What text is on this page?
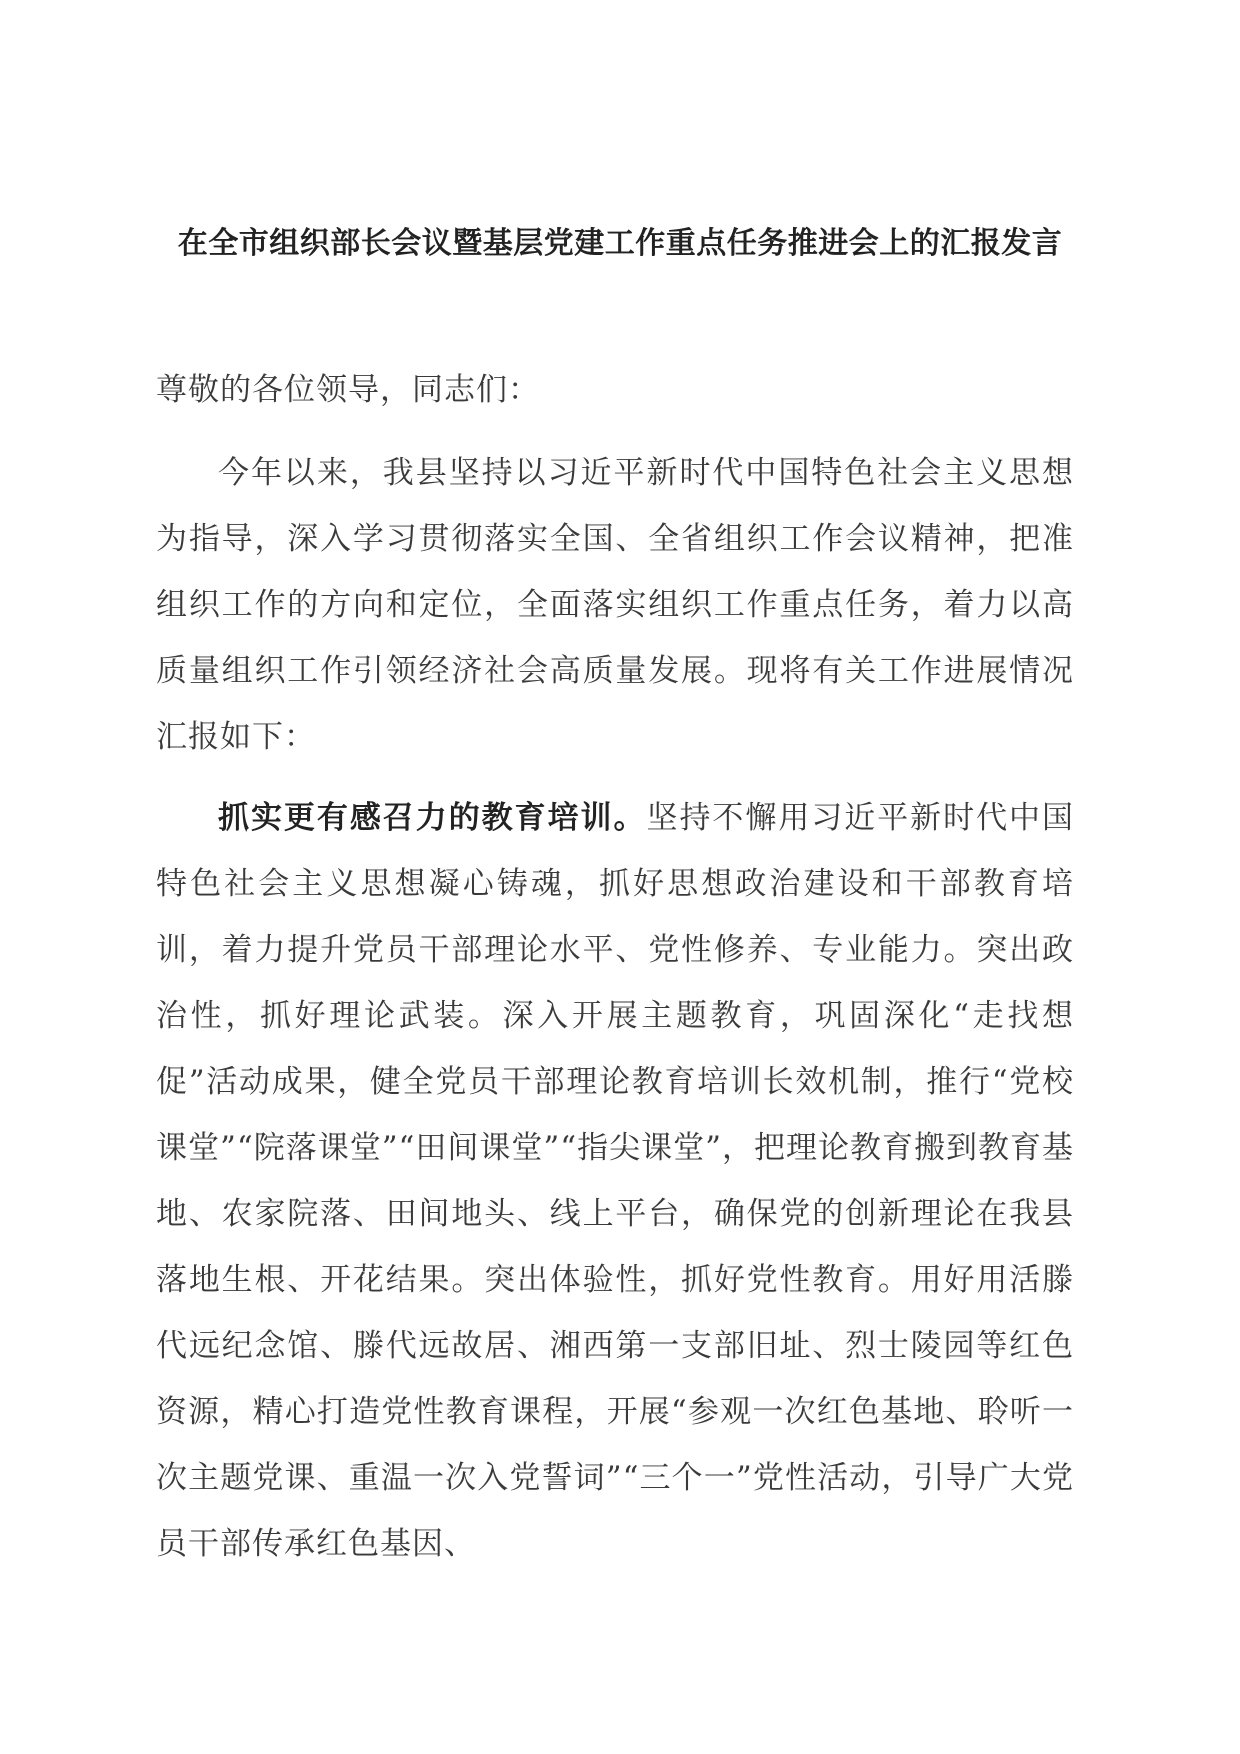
在全市组织部长会议暨基层党建工作重点任务推进会上的汇报发言
尊敬的各位领导，同志们：

今年以来，我县坚持以习近平新时代中国特色社会主义思想为指导，深入学习贯彻落实全国、全省组织工作会议精神，把准组织工作的方向和定位，全面落实组织工作重点任务，着力以高质量组织工作引领经济社会高质量发展。现将有关工作进展情况汇报如下：

抓实更有感召力的教育培训。坚持不懈用习近平新时代中国特色社会主义思想凝心铸魂，抓好思想政治建设和干部教育培训，着力提升党员干部理论水平、党性修养、专业能力。突出政治性，抓好理论武装。深入开展主题教育，巩固深化“走找想促”活动成果，健全党员干部理论教育培训长效机制，推行“党校课堂”“院落课堂”“田间课堂”“指尖课堂”，把理论教育搬到教育基地、农家院落、田间地头、线上平台，确保党的创新理论在我县落地生根、开花结果。突出体验性，抓好党性教育。用好用活滕代远纪念馆、滕代远故居、湘西第一支部旧址、烈士陵园等红色资源，精心打造党性教育课程，开展“参观一次红色基地、聆听一次主题党课、重温一次入党誓词”“三个一”党性活动，引导广大党员干部传承红色基因、
